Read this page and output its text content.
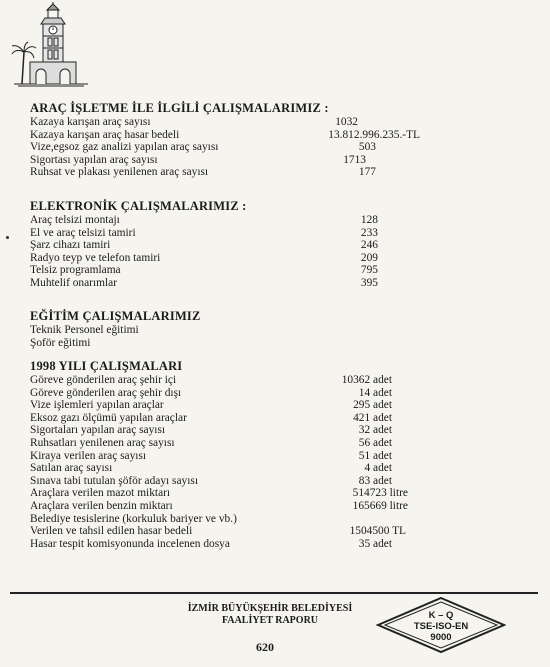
ARAÇ İŞLETME İLE İLGİLİ ÇALIŞMALARIMIZ :
Kazaya karışan araç sayısı	1032
Kazaya karışan araç hasar bedeli	13.812.996.235.-TL
Vize,egsoz gaz analizi yapılan araç sayısı	503
Sigortası yapılan araç sayısı	1713
Ruhsat ve plakası yenilenen araç sayısı	177
ELEKTRONİK ÇALIŞMALARIMIZ :
Araç telsizi montajı	128
El ve araç telsizi tamiri	233
Şarz cihazı tamiri	246
Radyo teyp ve telefon tamiri	209
Telsiz programlama	795
Muhtelif onarımlar	395
EĞİTİM ÇALIŞMALARIMIZ
Teknik Personel eğitimi
Şoför eğitimi
1998 YILI ÇALIŞMALARI
Göreve gönderilen araç şehir içi	10362 adet
Göreve gönderilen araç şehir dışı	14 adet
Vize işlemleri yapılan araçlar	295 adet
Eksoz gazı ölçümü yapılan araçlar	421 adet
Sigortaları yapılan araç sayısı	32 adet
Ruhsatları yenilenen araç sayısı	56 adet
Kiraya verilen araç sayısı	51 adet
Satılan araç sayısı	4 adet
Sınava tabi tutulan şöför adayı sayısı	83 adet
Araçlara verilen mazot miktarı	514723 litre
Araçlara verilen benzin miktarı	165669 litre
Belediye tesislerine (korkuluk bariyer ve vb.)
Verilen ve tahsil edilen hasar bedeli	1504500 TL
Hasar tespit komisyonunda incelenen dosya	35 adet
İZMİR BÜYÜKŞEHİR BELEDİYESİ
FAALİYET RAPORU
620
K – Q
TSE-ISO-EN
9000
